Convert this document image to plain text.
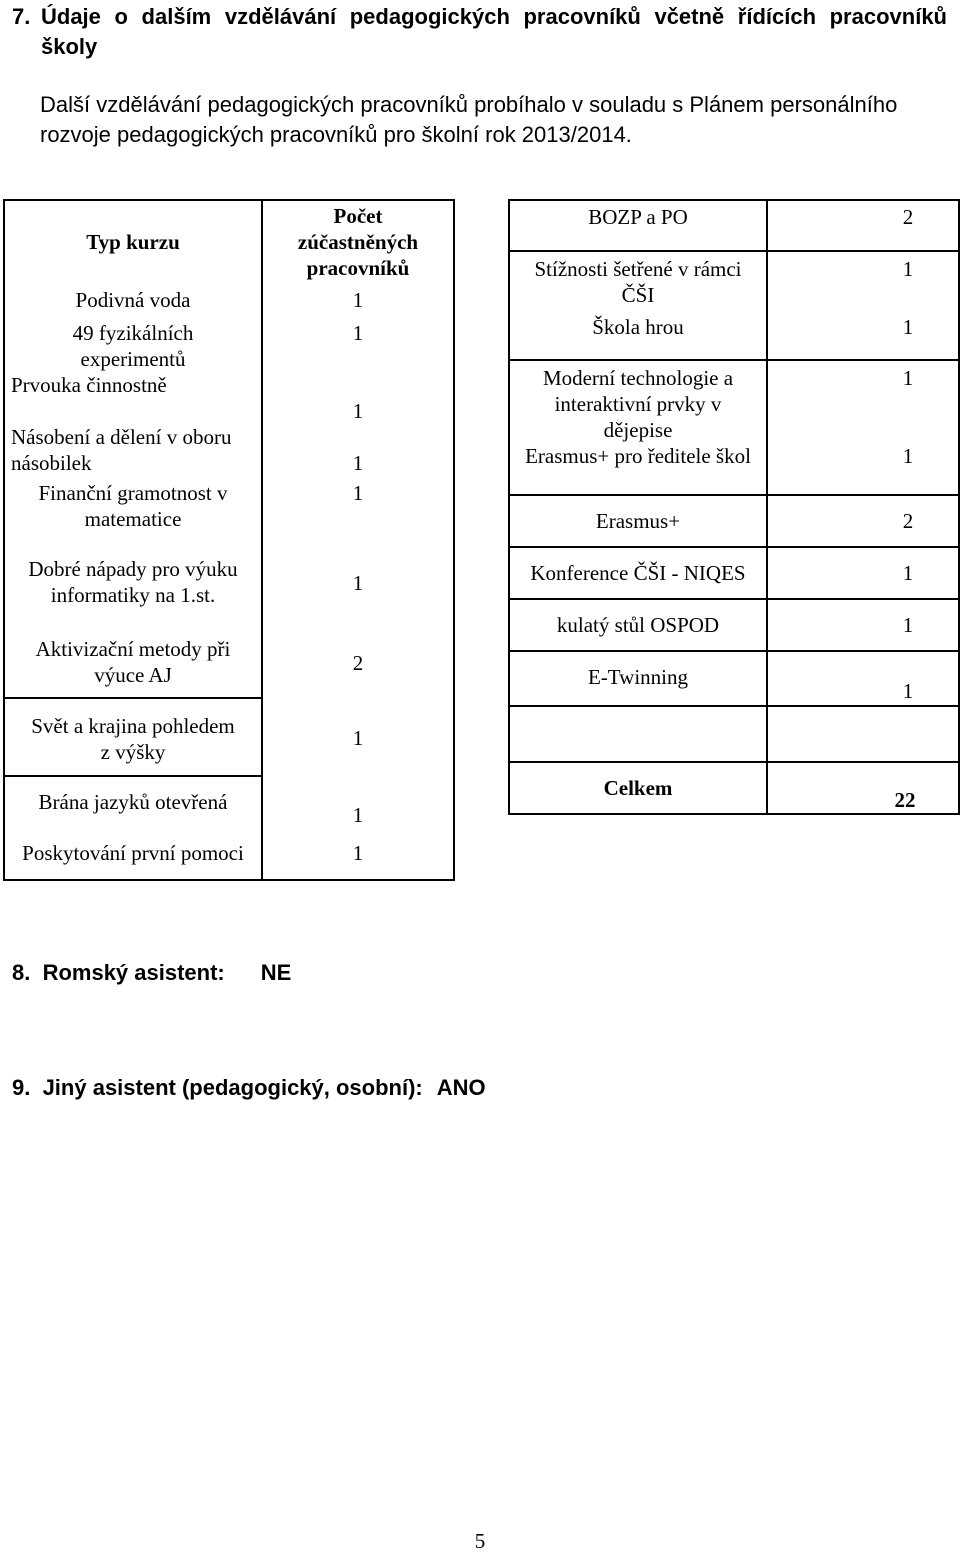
7. Údaje o dalším vzdělávání pedagogických pracovníků včetně řídících pracovníků
školy
Další vzdělávání pedagogických pracovníků probíhalo v souladu s Plánem personálního rozvoje pedagogických pracovníků pro školní rok 2013/2014.
Typ kurzu	Počet zúčastněných pracovníků
Podivná voda	1
49 fyzikálních experimentů	1
Prvouka činnostně	1
Násobení a dělení v oboru násobilek	1
Finanční gramotnost v matematice	1
Dobré nápady pro výuku informatiky na 1.st.	1
Aktivizační metody při výuce AJ	2
Svět a krajina pohledem z výšky	1
Brána jazyků otevřená	1
Poskytování první pomoci	1
BOZP a PO	2
Stížnosti šetřené v rámci ČŠI	1
Škola hrou	1
Moderní technologie a interaktivní prvky v dějepise	1
Erasmus+ pro ředitele škol	1
Erasmus+	2
Konference ČŠI - NIQES	1
kulatý stůl OSPOD	1
E-Twinning	1

Celkem	22
8.  Romský asistent: NE
9.  Jiný asistent (pedagogický, osobní): ANO
5
